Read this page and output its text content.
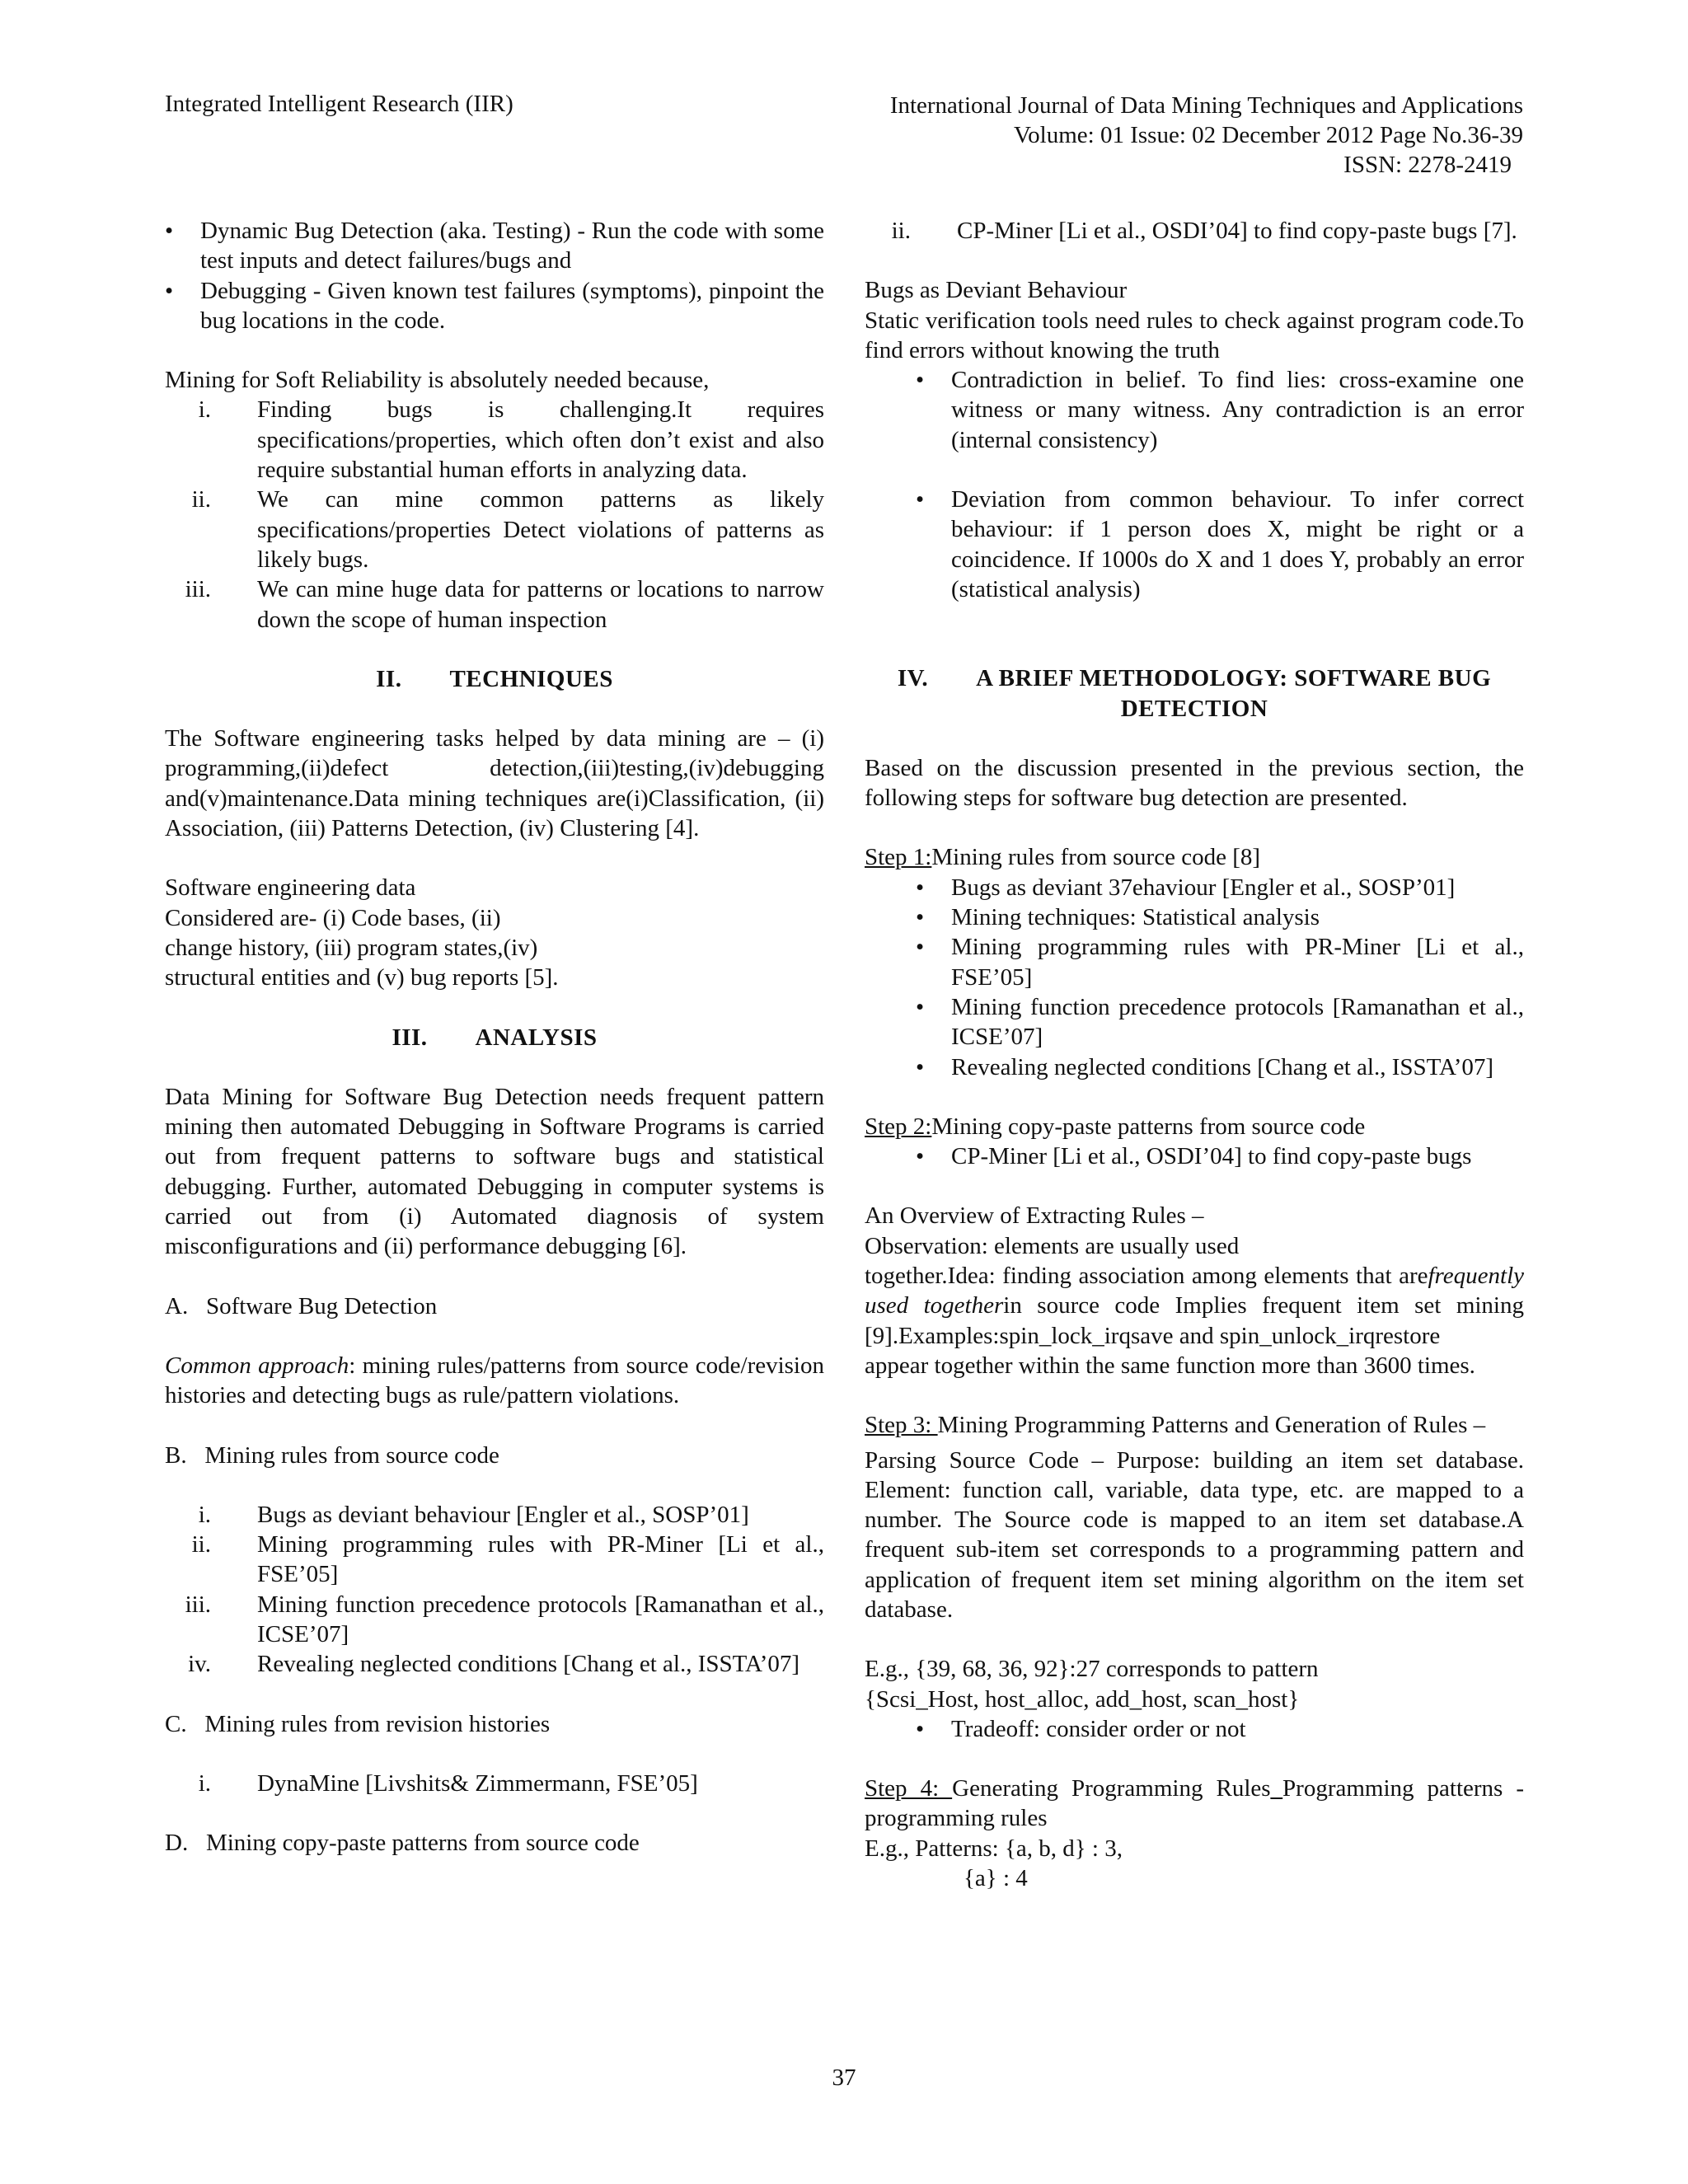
Integrated Intelligent Research (IIR)	International Journal of Data Mining Techniques and Applications
Volume: 01 Issue: 02 December 2012 Page No.36-39
ISSN: 2278-2419
• Dynamic Bug Detection (aka. Testing) - Run the code with some test inputs and detect failures/bugs and
• Debugging - Given known test failures (symptoms), pinpoint the bug locations in the code.

Mining for Soft Reliability is absolutely needed because,

i. Finding bugs is challenging.It requires specifications/properties, which often don’t exist and also require substantial human efforts in analyzing data.
ii. We can mine common patterns as likely specifications/properties Detect violations of patterns as likely bugs.
iii. We can mine huge data for patterns or locations to narrow down the scope of human inspection
II. TECHNIQUES

The Software engineering tasks helped by data mining are – (i) programming,(ii)defect detection,(iii)testing,(iv)debugging and(v)maintenance.Data mining techniques are(i)Classification, (ii) Association, (iii) Patterns Detection, (iv) Clustering [4].

Software engineering data

Considered are- (i) Code bases, (ii)

change history, (iii) program states,(iv)

structural entities and (v) bug reports [5].

III. ANALYSIS

Data Mining for Software Bug Detection needs frequent pattern mining then automated Debugging in Software Programs is carried out from frequent patterns to software bugs and statistical debugging. Further, automated Debugging in computer systems is carried out from (i) Automated diagnosis of system misconfigurations and (ii) performance debugging [6].

A.   Software Bug Detection

Common approach: mining rules/patterns from source code/revision histories and detecting bugs as rule/pattern violations.

B.   Mining rules from source code

i. Bugs as deviant behaviour [Engler et al., SOSP’01]
ii. Mining programming rules with PR-Miner [Li et al., FSE’05]
iii. Mining function precedence protocols [Ramanathan et al., ICSE’07]
iv. Revealing neglected conditions [Chang et al., ISSTA’07]

C.   Mining rules from revision histories

i. DynaMine [Livshits& Zimmermann, FSE’05]

D.   Mining copy-paste patterns from source code

ii. CP-Miner [Li et al., OSDI’04] to find copy-paste bugs [7].

Bugs as Deviant Behaviour

Static verification tools need rules to check against program code.To find errors without knowing the truth

• Contradiction in belief. To find lies: cross-examine one witness or many witness. Any contradiction is an error (internal consistency)
• Deviation from common behaviour. To infer correct behaviour: if 1 person does X, might be right or a coincidence. If 1000s do X and 1 does Y, probably an error (statistical analysis)
IV. A BRIEF METHODOLOGY: SOFTWARE BUG
DETECTION

Based on the discussion presented in the previous section, the following steps for software bug detection are presented.

Step 1:Mining rules from source code [8]

• Bugs as deviant 37ehaviour [Engler et al., SOSP’01]
• Mining techniques: Statistical analysis
• Mining programming rules with PR-Miner [Li et al., FSE’05]
• Mining function precedence protocols [Ramanathan et al., ICSE’07]
• Revealing neglected conditions [Chang et al., ISSTA’07]

Step 2:Mining copy-paste patterns from source code

• CP-Miner [Li et al., OSDI’04] to find copy-paste bugs

An Overview of Extracting Rules –

Observation: elements are usually used

together.Idea: finding association among elements that arefrequently used togetherin source code Implies frequent item set mining [9].Examples:spin_lock_irqsave and spin_unlock_irqrestore

appear together within the same function more than 3600 times.

Step 3: Mining Programming Patterns and Generation of Rules –

Parsing Source Code – Purpose: building an item set database. Element: function call, variable, data type, etc. are mapped to a number. The Source code is mapped to an item set database.A frequent sub-item set corresponds to a programming pattern and application of frequent item set mining algorithm on the item set database.

E.g., {39, 68, 36, 92}:27 corresponds to pattern

{Scsi_Host, host_alloc, add_host, scan_host}

• Tradeoff: consider order or not

Step 4: Generating Programming Rules_Programming patterns - programming rules

E.g., Patterns: {a, b, d} : 3,

{a} : 4

37
